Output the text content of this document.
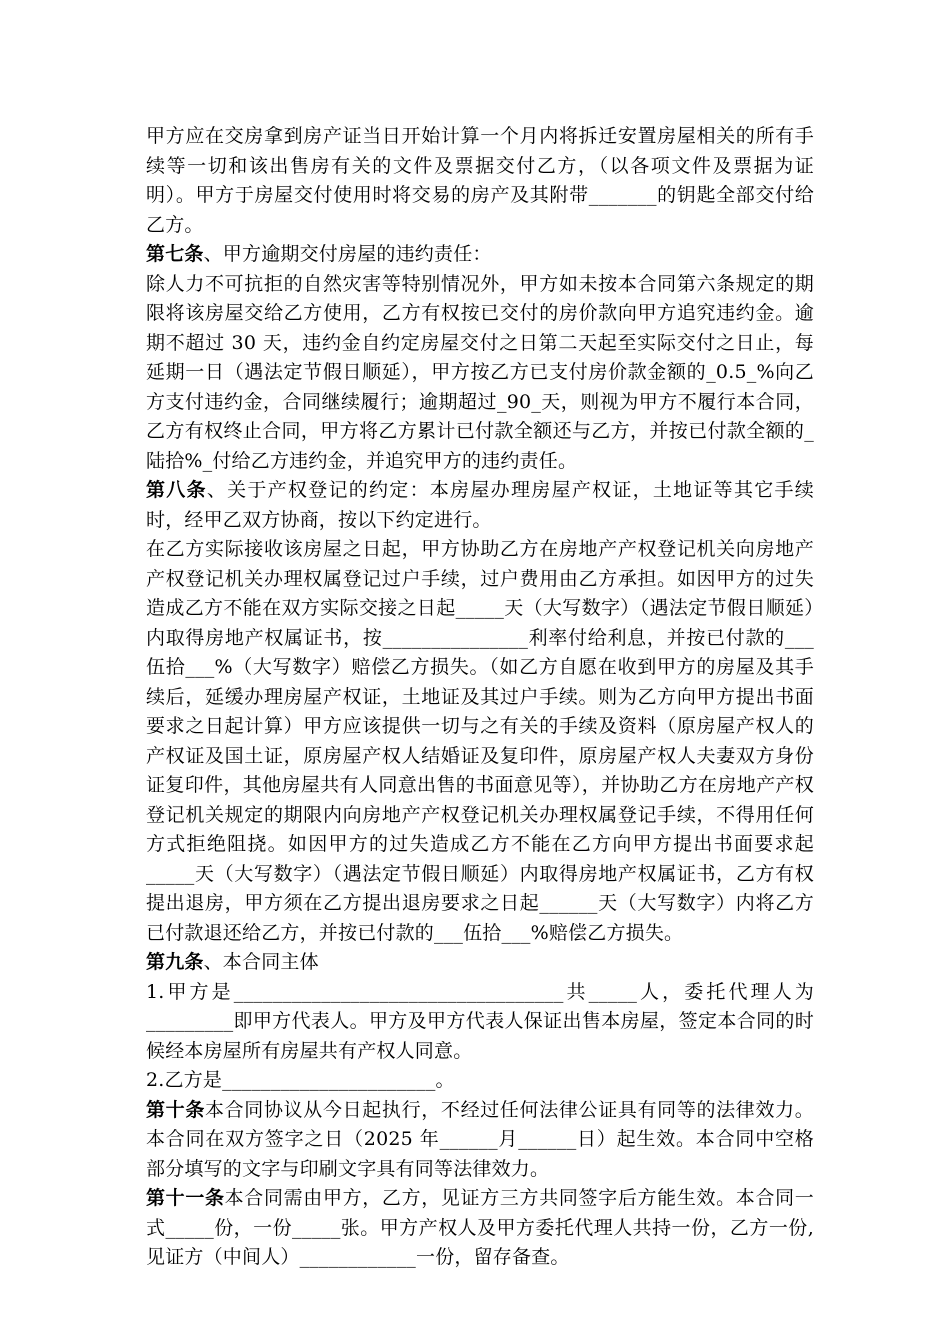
甲方应在交房拿到房产证当日开始计算一个月内将拆迁安置房屋相关的所有手续等一切和该出售房有关的文件及票据交付乙方，（以各项文件及票据为证明）。甲方于房屋交付使用时将交易的房产及其附带_______的钥匙全部交付给乙方。

第七条、甲方逾期交付房屋的违约责任：

除人力不可抗拒的自然灾害等特别情况外，甲方如未按本合同第六条规定的期限将该房屋交给乙方使用，乙方有权按已交付的房价款向甲方追究违约金。逾期不超过 30 天，违约金自约定房屋交付之日第二天起至实际交付之日止，每延期一日（遇法定节假日顺延），甲方按乙方已支付房价款金额的_0.5_%向乙方支付违约金，合同继续履行；逾期超过_90_天，则视为甲方不履行本合同，乙方有权终止合同，甲方将乙方累计已付款全额还与乙方，并按已付款全额的_陆拾%_付给乙方违约金，并追究甲方的违约责任。

第八条、关于产权登记的约定：本房屋办理房屋产权证，土地证等其它手续时，经甲乙双方协商，按以下约定进行。

在乙方实际接收该房屋之日起，甲方协助乙方在房地产产权登记机关向房地产产权登记机关办理权属登记过户手续，过户费用由乙方承担。如因甲方的过失造成乙方不能在双方实际交接之日起_____天（大写数字）（遇法定节假日顺延）内取得房地产权属证书，按_______________利率付给利息，并按已付款的___伍拾___%（大写数字）赔偿乙方损失。（如乙方自愿在收到甲方的房屋及其手续后，延缓办理房屋产权证，土地证及其过户手续。则为乙方向甲方提出书面要求之日起计算）甲方应该提供一切与之有关的手续及资料（原房屋产权人的产权证及国土证，原房屋产权人结婚证及复印件，原房屋产权人夫妻双方身份证复印件，其他房屋共有人同意出售的书面意见等），并协助乙方在房地产产权登记机关规定的期限内向房地产产权登记机关办理权属登记手续，不得用任何方式拒绝阻挠。如因甲方的过失造成乙方不能在乙方向甲方提出书面要求起_____天（大写数字）（遇法定节假日顺延）内取得房地产权属证书，乙方有权提出退房，甲方须在乙方提出退房要求之日起______天（大写数字）内将乙方已付款退还给乙方，并按已付款的___伍拾___%赔偿乙方损失。

第九条、本合同主体

1.甲方是__________________________________共_____人，委托代理人为_________即甲方代表人。甲方及甲方代表人保证出售本房屋，签定本合同的时候经本房屋所有房屋共有产权人同意。

2.乙方是______________________。

第十条本合同协议从今日起执行，不经过任何法律公证具有同等的法律效力。本合同在双方签字之日（2025 年______月______日）起生效。本合同中空格部分填写的文字与印刷文字具有同等法律效力。

第十一条本合同需由甲方，乙方，见证方三方共同签字后方能生效。本合同一式_____份，一份_____张。甲方产权人及甲方委托代理人共持一份，乙方一份,见证方（中间人）____________一份，留存备查。
